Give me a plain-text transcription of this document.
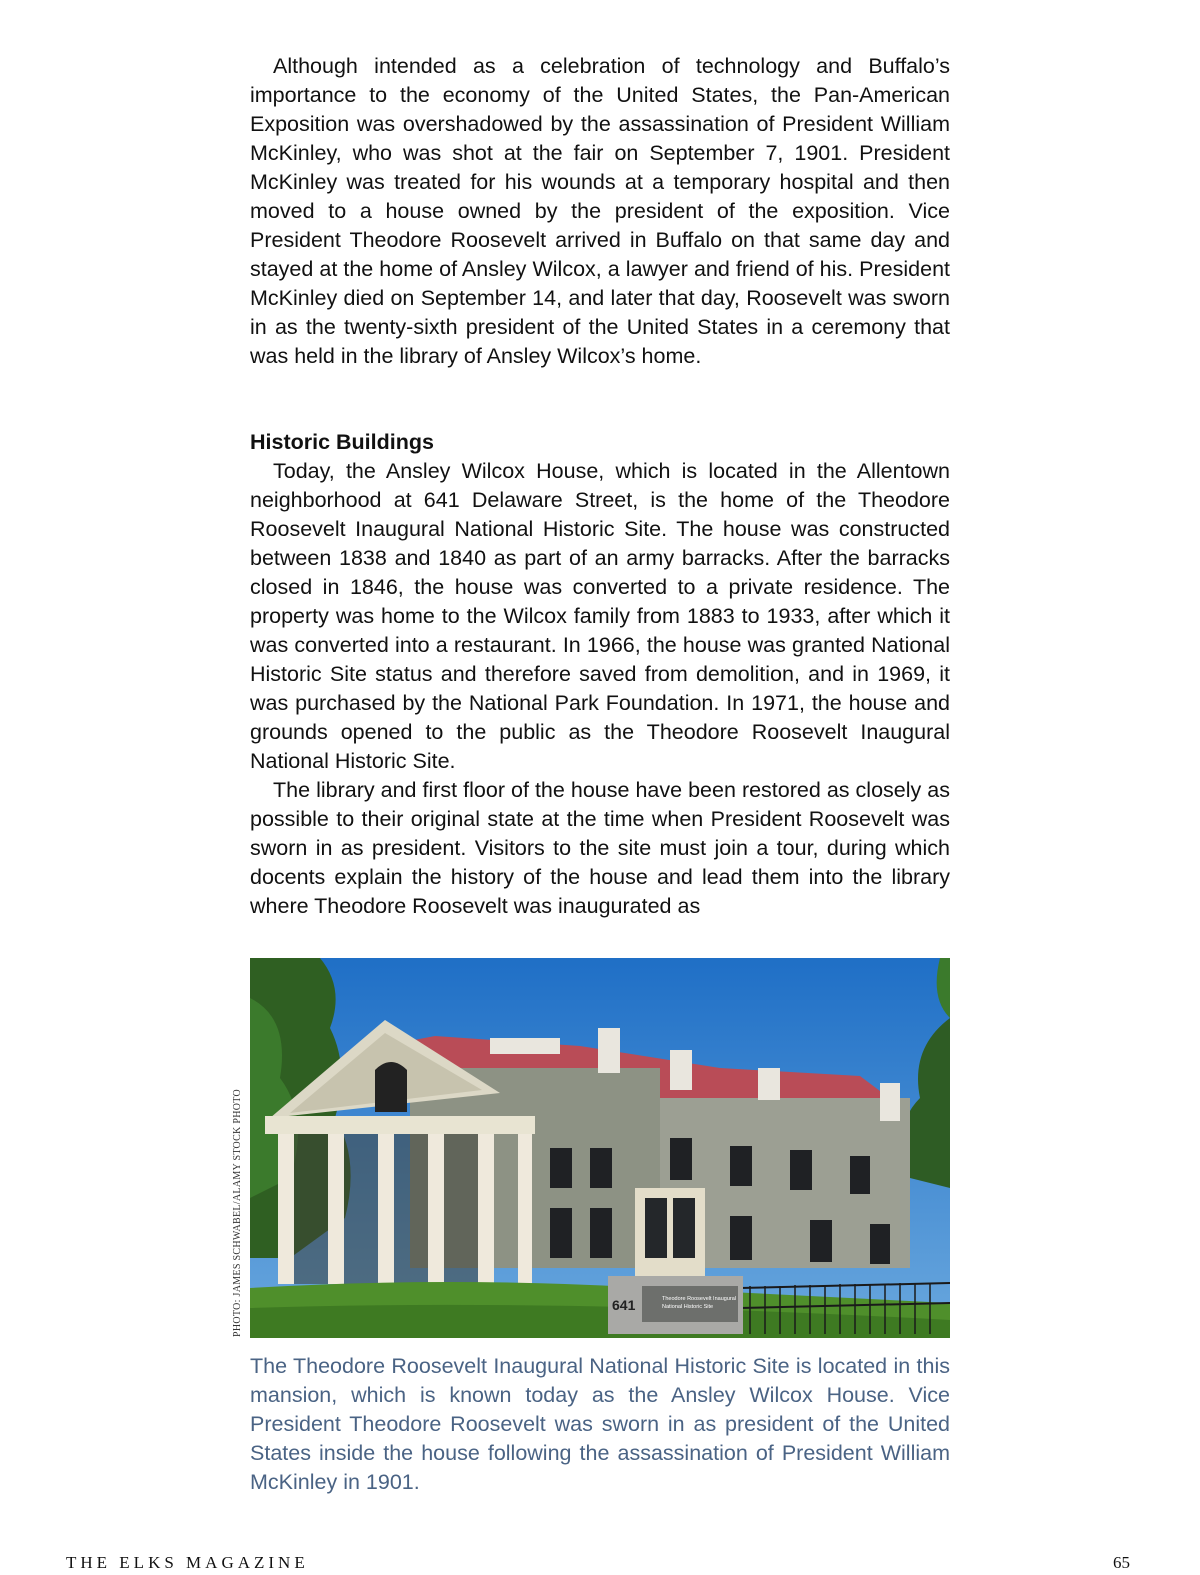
Although intended as a celebration of technology and Buffalo’s importance to the economy of the United States, the Pan-American Exposition was overshadowed by the assassination of President William McKinley, who was shot at the fair on September 7, 1901. President McKinley was treated for his wounds at a temporary hospital and then moved to a house owned by the president of the exposition. Vice President Theodore Roosevelt arrived in Buffalo on that same day and stayed at the home of Ansley Wilcox, a lawyer and friend of his. President McKinley died on September 14, and later that day, Roosevelt was sworn in as the twenty-sixth president of the United States in a ceremony that was held in the library of Ansley Wilcox’s home.

Historic Buildings

Today, the Ansley Wilcox House, which is located in the Allentown neighborhood at 641 Delaware Street, is the home of the Theodore Roosevelt Inaugural National Historic Site. The house was constructed between 1838 and 1840 as part of an army barracks. After the barracks closed in 1846, the house was converted to a private residence. The property was home to the Wilcox family from 1883 to 1933, after which it was converted into a restaurant. In 1966, the house was granted National Historic Site status and therefore saved from demolition, and in 1969, it was purchased by the National Park Foundation. In 1971, the house and grounds opened to the public as the Theodore Roosevelt Inaugural National Historic Site.

The library and first floor of the house have been restored as closely as possible to their original state at the time when President Roosevelt was sworn in as president. Visitors to the site must join a tour, during which docents explain the history of the house and lead them into the library where Theodore Roosevelt was inaugurated as

PHOTO: JAMES SCHWABEL/ALAMY STOCK PHOTO	641	Theodore Roosevelt Inaugural
National Historic Site

The Theodore Roosevelt Inaugural National Historic Site is located in this mansion, which is known today as the Ansley Wilcox House. Vice President Theodore Roosevelt was sworn in as president of the United States inside the house following the assassination of President William McKinley in 1901.

THE ELKS MAGAZINE	65
